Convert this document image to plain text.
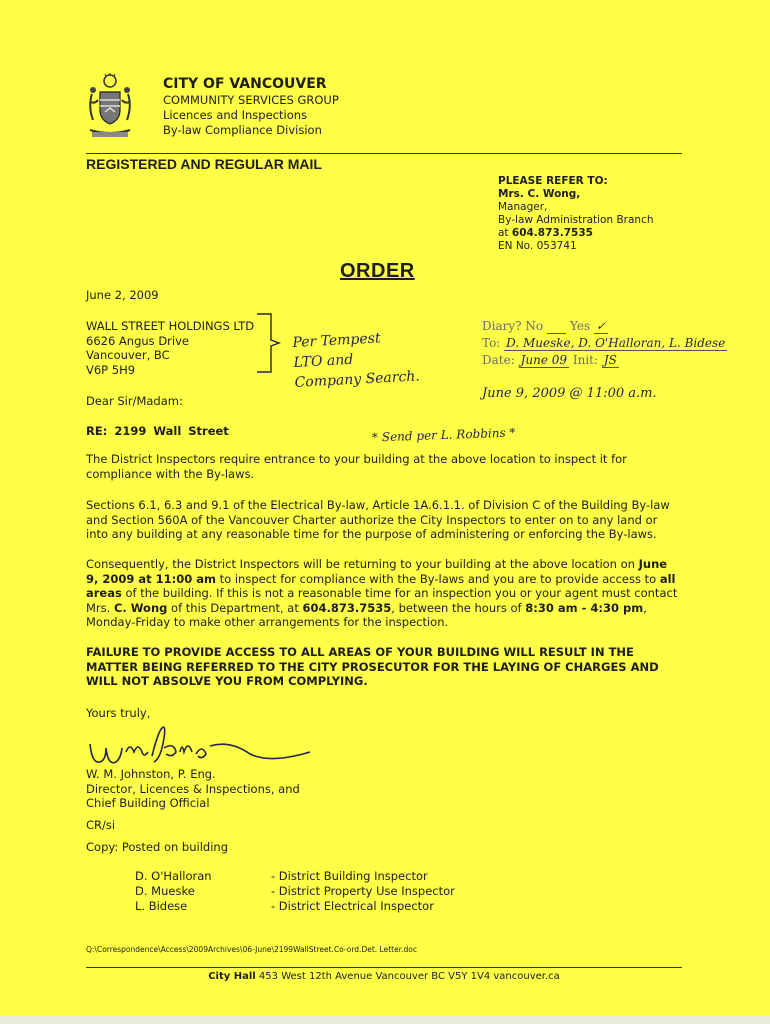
CITY OF VANCOUVER
COMMUNITY SERVICES GROUP
Licences and Inspections
By-law Compliance Division
REGISTERED AND REGULAR MAIL
PLEASE REFER TO:
Mrs. C. Wong,
Manager,
By-law Administration Branch
at 604.873.7535
EN No. 053741
ORDER
June 2, 2009
WALL STREET HOLDINGS LTD
6626 Angus Drive
Vancouver, BC
V6P 5H9
Per Tempest
LTO and
Company Search.
Diary? No Yes ✓
To: D. Mueske, D. O'Halloran, L. Bidese
Date: June 09 Init: JS
Dear Sir/Madam:	June 9, 2009 @ 11:00 a.m.
RE: 2199 Wall Street	* Send per L. Robbins *
The District Inspectors require entrance to your building at the above location to inspect it for compliance with the By-laws.
Sections 6.1, 6.3 and 9.1 of the Electrical By-law, Article 1A.6.1.1. of Division C of the Building By-law and Section 560A of the Vancouver Charter authorize the City Inspectors to enter on to any land or into any building at any reasonable time for the purpose of administering or enforcing the By-laws.
Consequently, the District Inspectors will be returning to your building at the above location on June 9, 2009 at 11:00 am to inspect for compliance with the By-laws and you are to provide access to all areas of the building. If this is not a reasonable time for an inspection you or your agent must contact Mrs. C. Wong of this Department, at 604.873.7535, between the hours of 8:30 am - 4:30 pm, Monday-Friday to make other arrangements for the inspection.
FAILURE TO PROVIDE ACCESS TO ALL AREAS OF YOUR BUILDING WILL RESULT IN THE MATTER BEING REFERRED TO THE CITY PROSECUTOR FOR THE LAYING OF CHARGES AND WILL NOT ABSOLVE YOU FROM COMPLYING.
Yours truly,
W. M. Johnston, P. Eng.
Director, Licences & Inspections, and
Chief Building Official
CR/si
Copy: Posted on building
D. O'Halloran	- District Building Inspector
D. Mueske	- District Property Use Inspector
L. Bidese	- District Electrical Inspector
Q:\Correspondence\Access\2009Archives\06-June\2199WallStreet.Co-ord.Det. Letter.doc
City Hall 453 West 12th Avenue Vancouver BC V5Y 1V4 vancouver.ca
